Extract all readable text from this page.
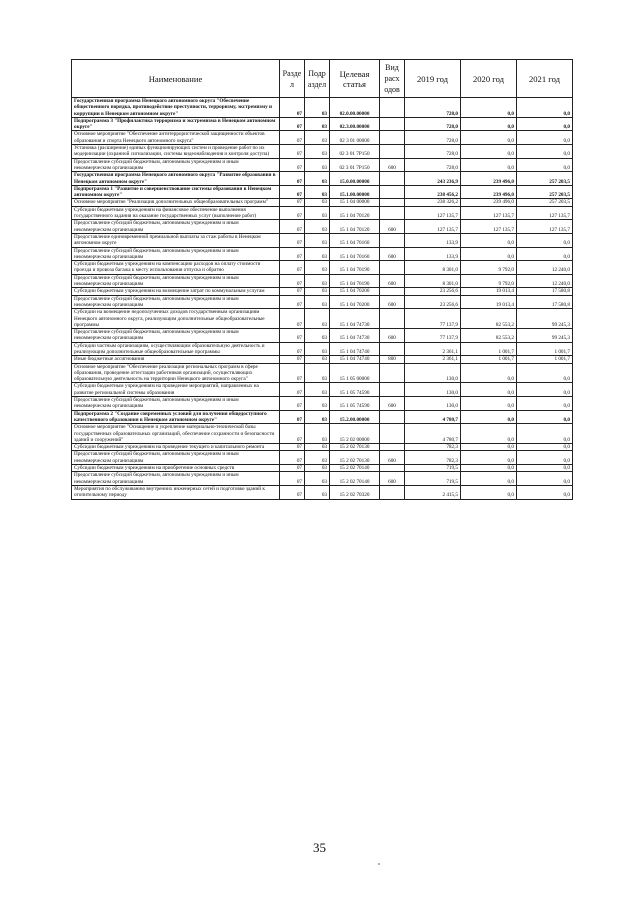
Наименование	Разде л	Подр аздел	Целевая статья	Вид расх одов	2019 год	2020 год	2021 год
Государственная программа Ненецкого автономного округа "Обеспечение общественного порядка, противодействие преступности, терроризму, экстремизму и коррупции в Ненецком автономном округе"	07	03	02.0.00.00000		728,0	0,0	0,0
Подпрограмма 3 "Профилактика терроризма и экстремизма в Ненецком автономном округе"	07	03	02.3.00.00000		728,0	0,0	0,0
Основное мероприятие "Обеспечение антитеррористической защищенности объектов образования и спорта Ненецкого автономного округа"	07	03	02 3 01 00000		728,0	0,0	0,0
Установка (расширение) единых функционирующих систем и проведение работ по их модернизации (охранной сигнализации, системы видеонаблюдения и контроля доступа)	07	03	02 3 01 7Р150		728,0	0,0	0,0
Предоставление субсидий бюджетным, автономным учреждениям и иным некоммерческим организациям	07	03	02 3 01 7Р150	600	728,0	0,0	0,0
Государственная программа Ненецкого автономного округа "Развитие образования в Ненецком автономном округе"	07	03	15.0.00.00000		243 236,9	239 496,0	257 203,5
Подпрограмма 1 "Развитие и совершенствование системы образования в Ненецком автономном округе"	07	03	15.1.00.00000		238 456,2	239 496,0	257 203,5
Основное мероприятие "Реализация дополнительных общеобразовательных программ"	07	03	15 1 04 00000		238 326,2	239 496,0	257 203,5
Субсидии бюджетным учреждениям на финансовое обеспечение выполнения государственного задания на оказание государственных услуг (выполнение работ)	07	03	15 1 04 70120		127 135,7	127 135,7	127 135,7
Предоставление субсидий бюджетным, автономным учреждениям и иным некоммерческим организациям	07	03	15 1 04 70120	600	127 135,7	127 135,7	127 135,7
Предоставление единовременной премиальной выплаты за стаж работы в Ненецком автономном округе	07	03	15 1 04 70160		133,9	0,0	0,0
Предоставление субсидий бюджетным, автономным учреждениям и иным некоммерческим организациям	07	03	15 1 04 70160	600	133,9	0,0	0,0
Субсидии бюджетным учреждениям на компенсацию расходов на оплату стоимости проезда и провоза багажа к месту использования отпуска и обратно	07	03	15 1 04 70190		8 301,0	9 792,0	12 240,0
Предоставление субсидий бюджетным, автономным учреждениям и иным некоммерческим организациям	07	03	15 1 04 70190	600	8 301,0	9 792,0	12 240,0
Субсидии бюджетным учреждениям на возмещение затрат по коммунальным услугам	07	03	15 1 04 70200		23 256,6	19 013,4	17 580,8
Предоставление субсидий бюджетным, автономным учреждениям и иным некоммерческим организациям	07	03	15 1 04 70200	600	23 256,6	19 013,4	17 580,8
Субсидии на возмещение недополученных доходов государственным организациям Ненецкого автономного округа, реализующим дополнительные общеобразовательные программы	07	03	15 1 04 74730		77 137,9	82 553,2	99 245,3
Предоставление субсидий бюджетным, автономным учреждениям и иным некоммерческим организациям	07	03	15 1 04 74730	600	77 137,9	82 553,2	99 245,3
Субсидии частным организациям, осуществляющим образовательную деятельность и реализующим дополнительные общеобразовательные программы	07	03	15 1 04 74740		2 361,1	1 001,7	1 001,7
Иные бюджетные ассигнования	07	03	15 1 04 74740	800	2 361,1	1 001,7	1 001,7
Основное мероприятие "Обеспечение реализации региональных программ в сфере образования, проведение аттестации работников организаций, осуществляющих образовательную деятельность на территории Ненецкого автономного округа"	07	03	15 1 05 00000		130,0	0,0	0,0
Субсидии бюджетным учреждениям на проведение мероприятий, направленных на развитие региональной системы образования	07	03	15 1 05 74590		130,0	0,0	0,0
Предоставление субсидий бюджетным, автономным учреждениям и иным некоммерческим организациям	07	03	15 1 05 74590	600	130,0	0,0	0,0
Подпрограмма 2 "Создание современных условий для получения общедоступного качественного образования в Ненецком автономном округе"	07	03	15.2.00.00000		4 780,7	0,0	0,0
Основное мероприятие "Оснащение и укрепление материально-технической базы государственных образовательных организаций, обеспечение сохранности и безопасности зданий и сооружений"	07	03	15 2 02 00000		4 780,7	0,0	0,0
Субсидии бюджетным учреждениям на проведение текущего и капитального ремонта	07	03	15 2 02 70130		782,3	0,0	0,0
Предоставление субсидий бюджетным, автономным учреждениям и иным некоммерческим организациям	07	03	15 2 02 70130	600	782,3	0,0	0,0
Субсидии бюджетным учреждениям на приобретение основных средств	07	03	15 2 02 70140		719,5	0,0	0,0
Предоставление субсидий бюджетным, автономным учреждениям и иным некоммерческим организациям	07	03	15 2 02 70140	600	719,5	0,0	0,0
Мероприятия по обслуживанию внутренних инженерных сетей и подготовке зданий к отопительному периоду	07	03	15 2 02 70320		2 415,5	0,0	0,0
35
